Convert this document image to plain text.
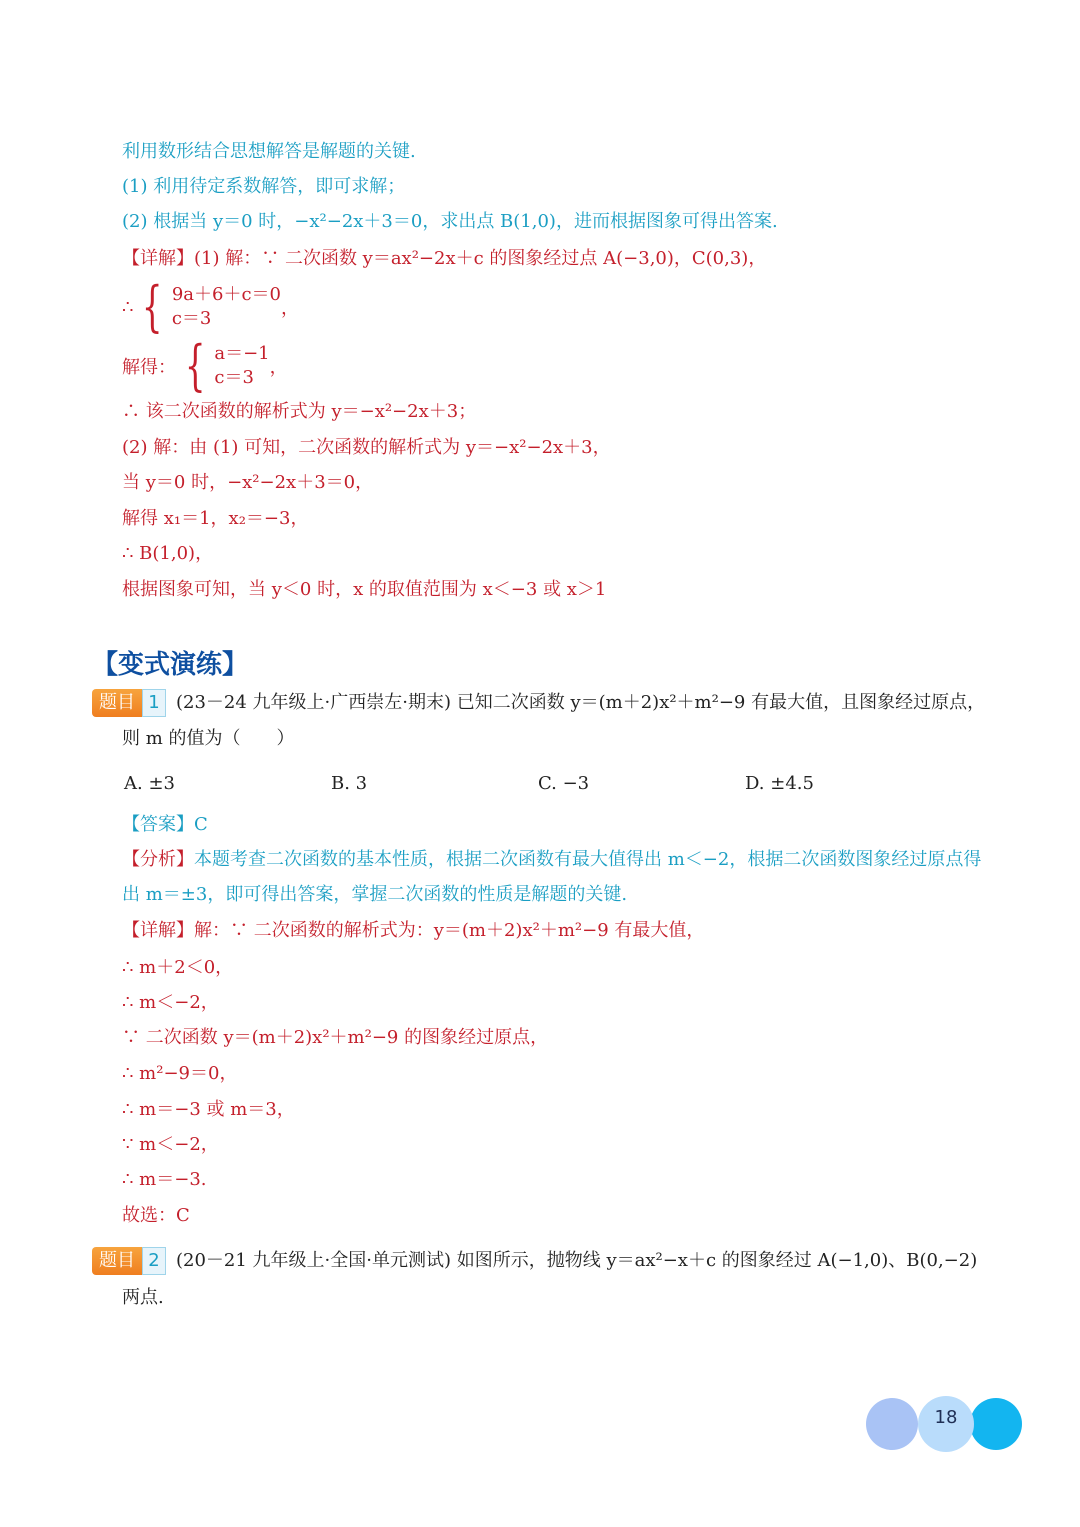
利用数形结合思想解答是解题的关键.
(1) 利用待定系数解答，即可求解；
(2) 根据当 y＝0 时，−x²−2x＋3＝0，求出点 B(1,0)，进而根据图象可得出答案.
【详解】(1) 解：∵ 二次函数 y＝ax²−2x＋c 的图象经过点 A(−3,0)，C(0,3)，
∴ { 9a＋6＋c＝0
c＝3	，
解得： { a＝−1
c＝3 ，
∴ 该二次函数的解析式为 y＝−x²−2x＋3；
(2) 解：由 (1) 可知，二次函数的解析式为 y＝−x²−2x＋3，
当 y＝0 时，−x²−2x＋3＝0，
解得 x₁＝1，x₂＝−3，
∴ B(1,0)，
根据图象可知，当 y＜0 时，x 的取值范围为 x＜−3 或 x＞1
【变式演练】
题目 1 (23－24 九年级上·广西崇左·期末) 已知二次函数 y＝(m＋2)x²＋m²−9 有最大值，且图象经过原点，
则 m 的值为（　　）
A. ±3	B. 3	C. −3	D. ±4.5
【答案】C
【分析】本题考查二次函数的基本性质，根据二次函数有最大值得出 m＜−2，根据二次函数图象经过原点得
出 m＝±3，即可得出答案，掌握二次函数的性质是解题的关键.
【详解】解：∵ 二次函数的解析式为：y＝(m＋2)x²＋m²−9 有最大值，
∴ m＋2＜0，
∴ m＜−2，
∵ 二次函数 y＝(m＋2)x²＋m²−9 的图象经过原点，
∴ m²−9＝0，
∴ m＝−3 或 m＝3，
∵ m＜−2，
∴ m＝−3.
故选：C
题目 2 (20－21 九年级上·全国·单元测试) 如图所示，抛物线 y＝ax²−x＋c 的图象经过 A(−1,0)、B(0,−2)
两点.
18
